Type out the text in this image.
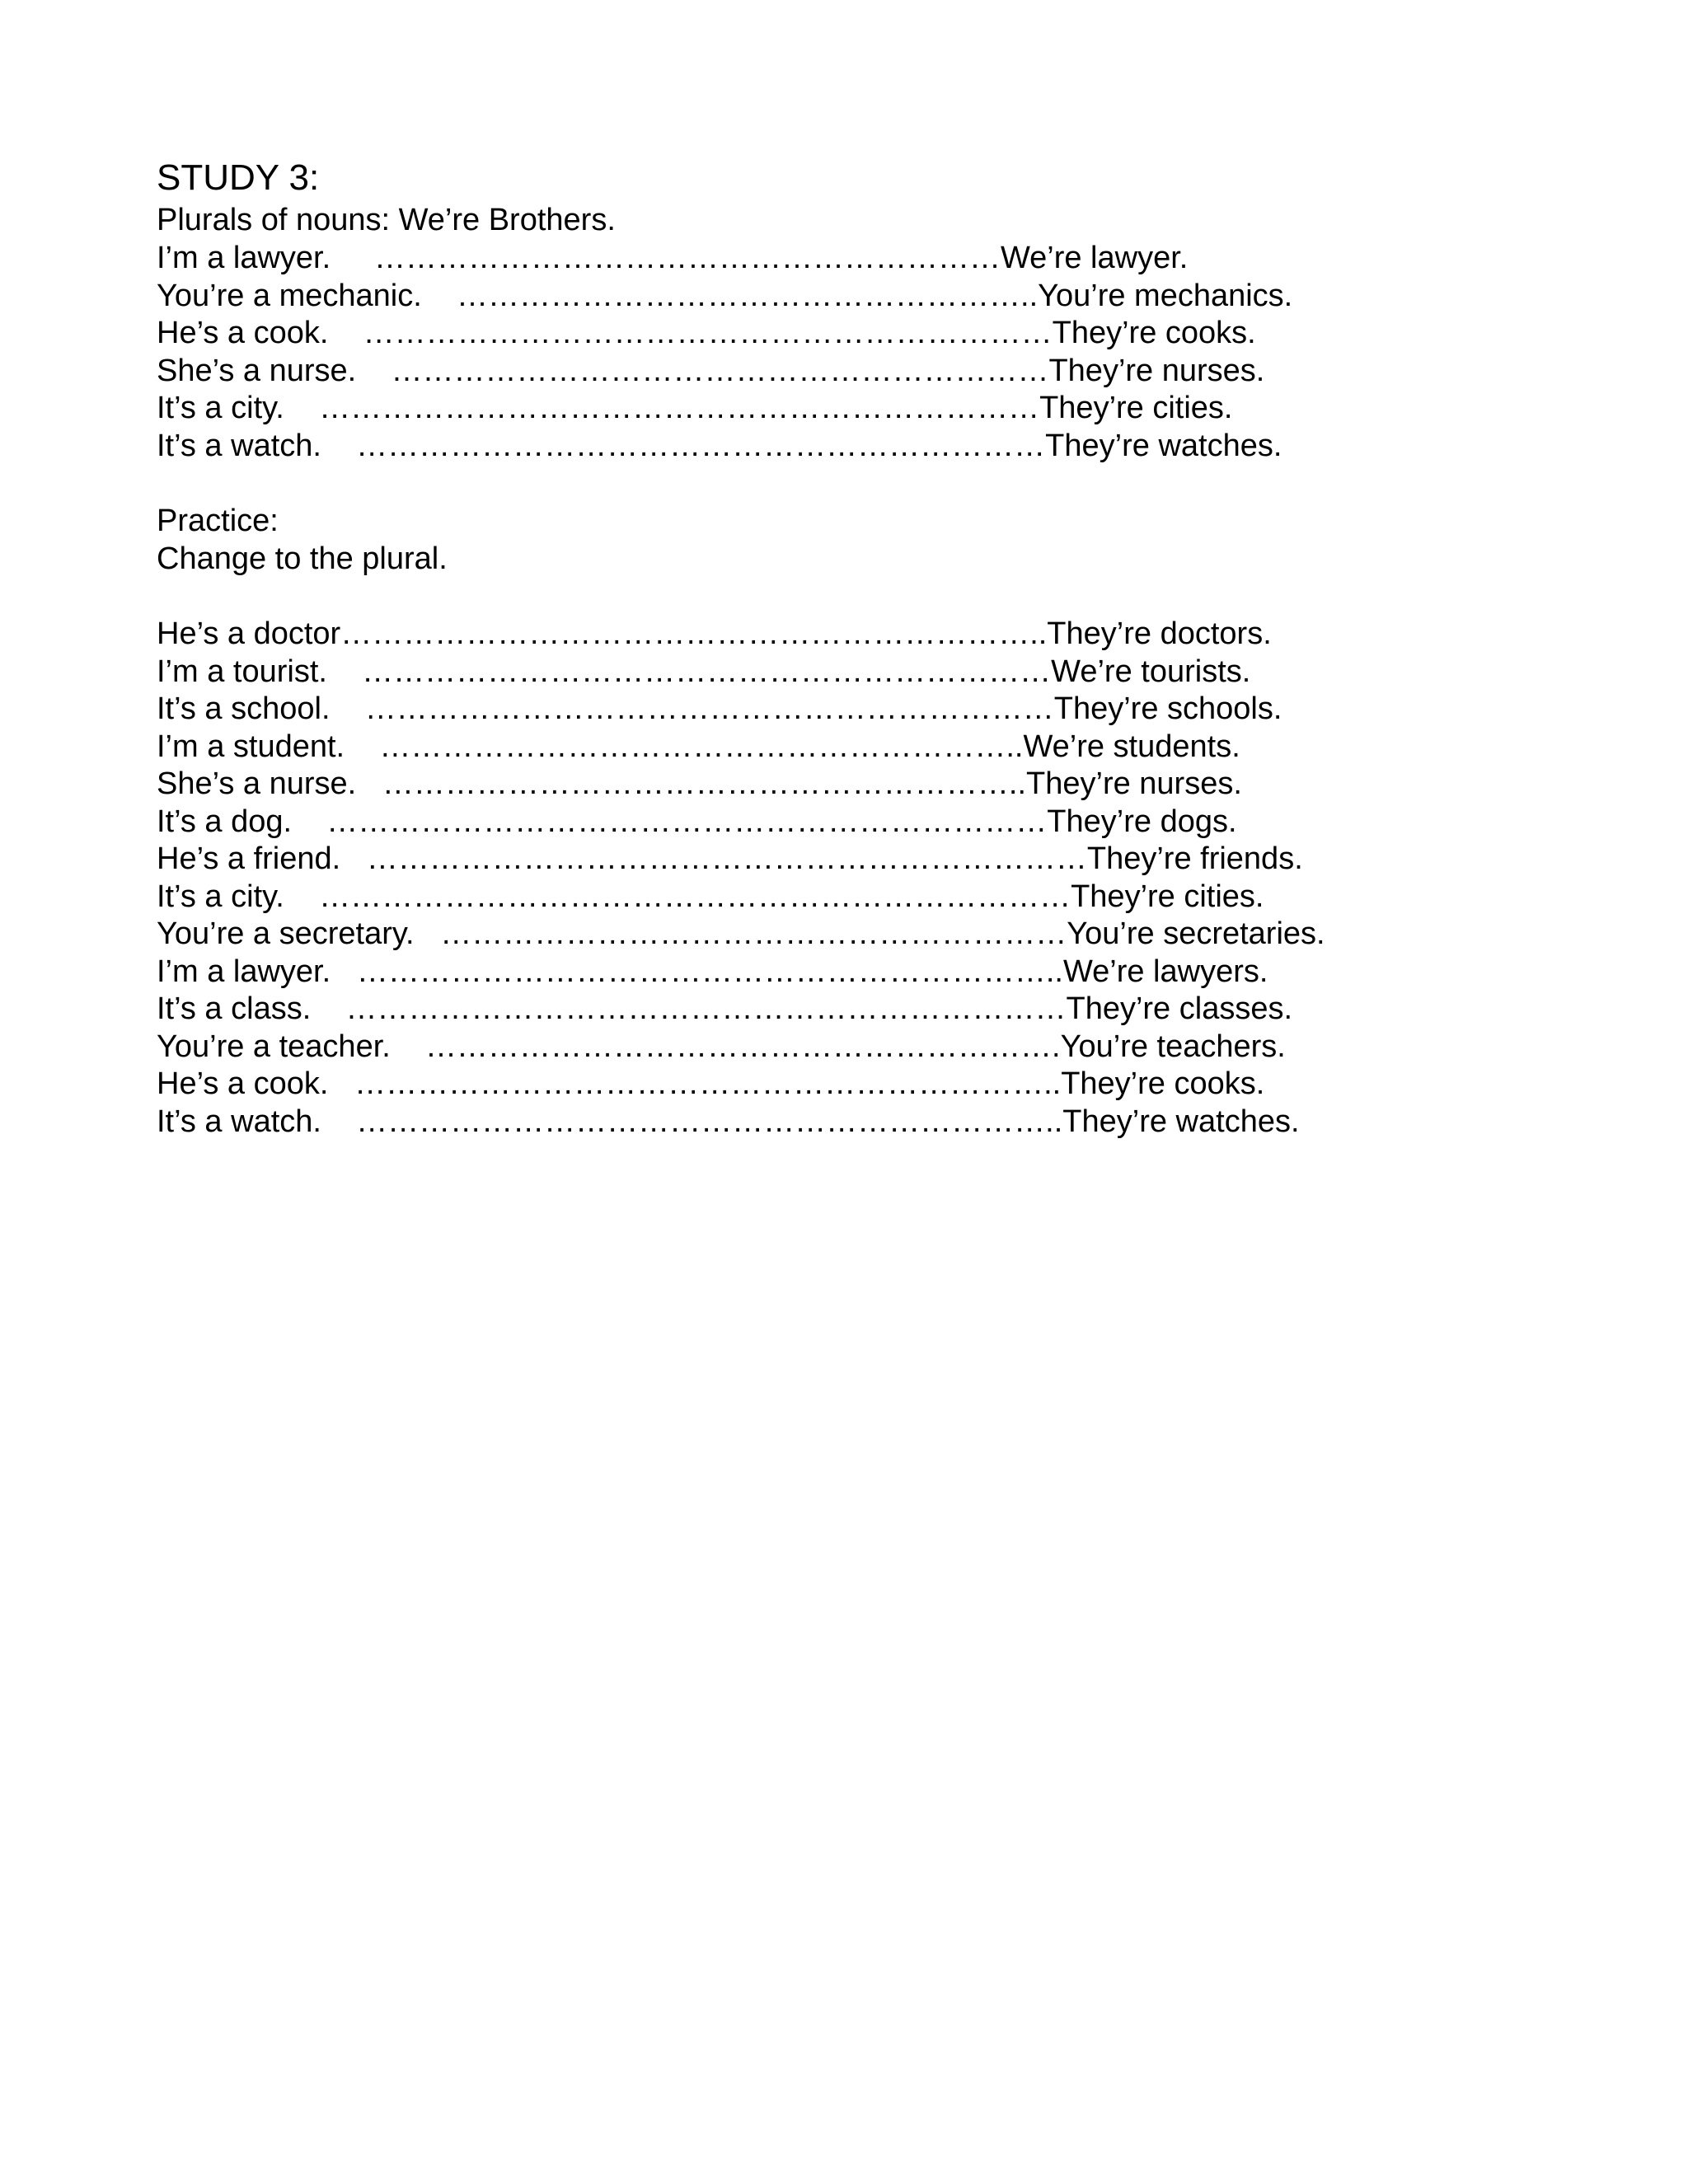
STUDY 3:
Plurals of nouns: We’re Brothers.
I’m a lawyer.     ……………………………………………………We’re lawyer.
You’re a mechanic.    ………………………………………………..You’re mechanics.
He’s a cook.    …………………………………………………………They’re cooks.
She’s a nurse.    ………………………………………………………They’re nurses.
It’s a city.    ……………………………………………………………They’re cities.
It’s a watch.    …………………………………………………………They’re watches.
Practice:
Change to the plural.
He’s a doctor…………………………………………………………..They’re doctors.
I’m a tourist.    …………………………………………………………We’re tourists.
It’s a school.    …………………………………………………………They’re schools.
I’m a student.    ……………………………………………………..We’re students.
She’s a nurse.   ……………………………………………………..They’re nurses.
It’s a dog.    ……………………………………………………………They’re dogs.
He’s a friend.   ……………………………………………………………They’re friends.
It’s a city.    ………………………………………………………………They’re cities.
You’re a secretary.   ……………………………………………………You’re secretaries.
I’m a lawyer.   …………………………………………………………..We’re lawyers.
It’s a class.    ……………………………………………………………They’re classes.
You’re a teacher.    …………………………………………………….You’re teachers.
He’s a cook.   …………………………………………………………..They’re cooks.
It’s a watch.    …………………………………………………………..They’re watches.
